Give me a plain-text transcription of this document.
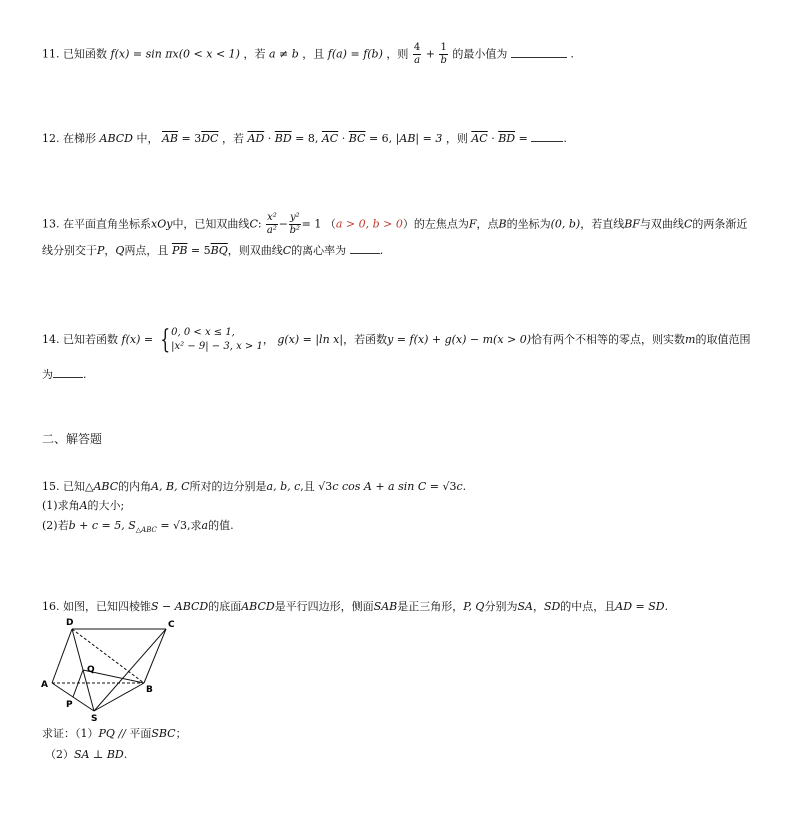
11. 已知函数 f(x) = sin πx(0 < x < 1) ，若 a ≠ b ，且 f(a) = f(b) ，则 $\frac{4}{a} + \frac{1}{b}$ 的最小值为	.
12. 在梯形 ABCD 中， $\overline{AB} = 3\overline{DC}$ ，若 $\overline{AD} \cdot \overline{BD} = 8$, $\overline{AC} \cdot \overline{BC} = 6$, |AB| = 3 ，则 $\overline{AC} \cdot \overline{BD}$ =	.
13. 在平面直角坐标系xOy中，已知双曲线C: $\frac{\text{x²}}{\text{a²}} - \frac{\text{y²}}{\text{b²}} = 1$ （a > 0, b > 0）的左焦点为F，点B的坐标为(0, b)，若直线BF与双曲线C的两条渐近
线分别交于P，Q两点，且 $\overline{PB} = 5\overline{BQ}$，则双曲线C的离心率为	.
14. 已知若函数 f(x) = { 0, 0 < x ≤ 1,
|x² − 9| − 3, x > 1
， g(x) = |ln x|，若函数y = f(x) + g(x) − m(x > 0)恰有两个不相等的零点，则实数m的取值范围
为	.
二、解答题
15. 已知△ABC的内角A, B, C所对的边分别是a, b, c,且 √3c cos A + a sin C = √3c.
(1)求角A的大小;
(2)若b + c = 5, $S_{\triangle ABC} = √3$,求a的值.
16. 如图，已知四棱锥S − ABCD的底面ABCD是平行四边形，侧面SAB是正三角形，P, Q分别为SA，SD的中点，且AD = SD.
D	C
A	B
S
P
Q
求证：（1）PQ // 平面SBC；
（2）SA ⊥ BD.
